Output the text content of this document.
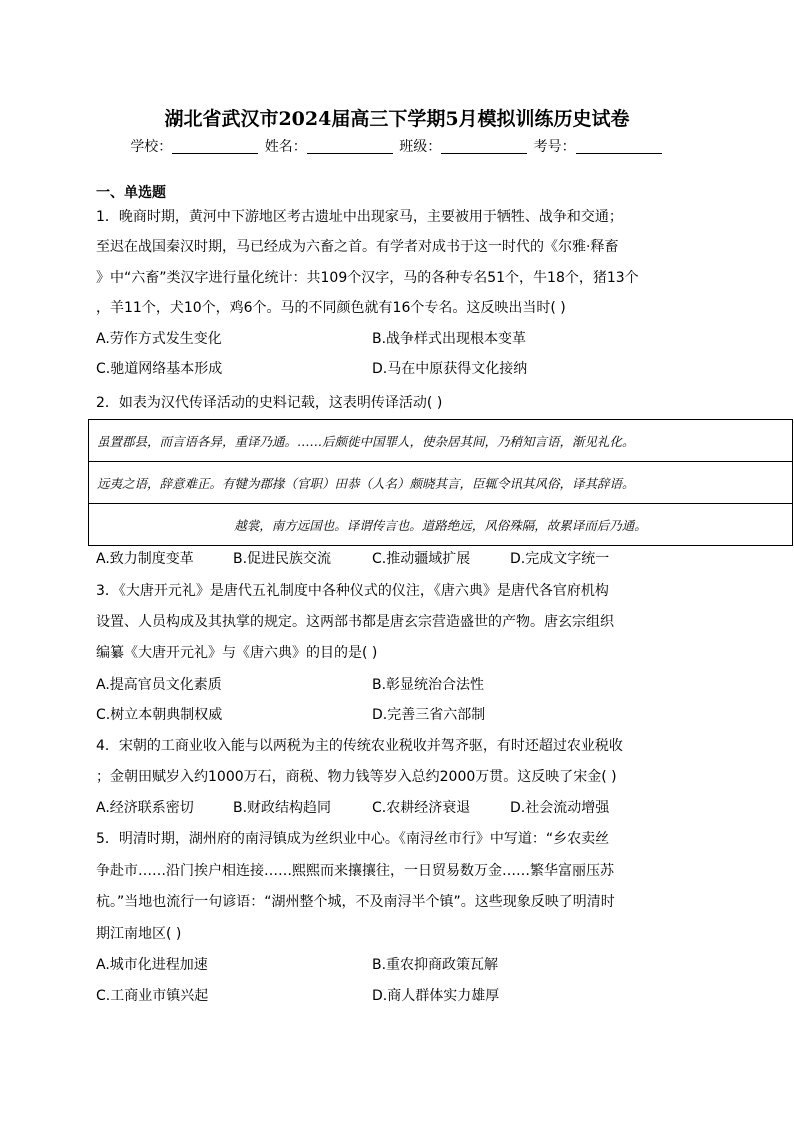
湖北省武汉市2024届高三下学期5月模拟训练历史试卷
学校：	姓名：	班级：	考号：
一、单选题
1．晚商时期，黄河中下游地区考古遗址中出现家马，主要被用于牺牲、战争和交通；
至迟在战国秦汉时期，马已经成为六畜之首。有学者对成书于这一时代的《尔雅·释畜
》中“六畜”类汉字进行量化统计：共109个汉字，马的各种专名51个，牛18个，猪13个
，羊11个，犬10个，鸡6个。马的不同颜色就有16个专名。这反映出当时( )
A.劳作方式发生变化	B.战争样式出现根本变革
C.驰道网络基本形成	D.马在中原获得文化接纳
2．如表为汉代传译活动的史料记载，这表明传译活动( )
虽置郡县，而言语各异，重译乃通。……后颇徙中国罪人，使杂居其间，乃稍知言语，渐见礼化。
远夷之语，辞意难正。有犍为郡掾（官职）田恭（人名）颇晓其言，臣辄令讯其风俗，译其辞语。
越裳，南方远国也。译谓传言也。道路绝远，风俗殊隔，故累译而后乃通。
A.致力制度变革	B.促进民族交流	C.推动疆域扩展	D.完成文字统一
3．《大唐开元礼》是唐代五礼制度中各种仪式的仪注，《唐六典》是唐代各官府机构
设置、人员构成及其执掌的规定。这两部书都是唐玄宗营造盛世的产物。唐玄宗组织
编纂《大唐开元礼》与《唐六典》的目的是( )
A.提高官员文化素质	B.彰显统治合法性
C.树立本朝典制权威	D.完善三省六部制
4．宋朝的工商业收入能与以两税为主的传统农业税收并驾齐驱，有时还超过农业税收
；金朝田赋岁入约1000万石，商税、物力钱等岁入总约2000万贯。这反映了宋金( )
A.经济联系密切	B.财政结构趋同	C.农耕经济衰退	D.社会流动增强
5．明清时期，湖州府的南浔镇成为丝织业中心。《南浔丝市行》中写道：“乡农卖丝
争赴市……沿门挨户相连接……熙熙而来攘攘往，一日贸易数万金……繁华富丽压苏
杭。”当地也流行一句谚语：“湖州整个城，不及南浔半个镇”。这些现象反映了明清时
期江南地区( )
A.城市化进程加速	B.重农抑商政策瓦解
C.工商业市镇兴起	D.商人群体实力雄厚
